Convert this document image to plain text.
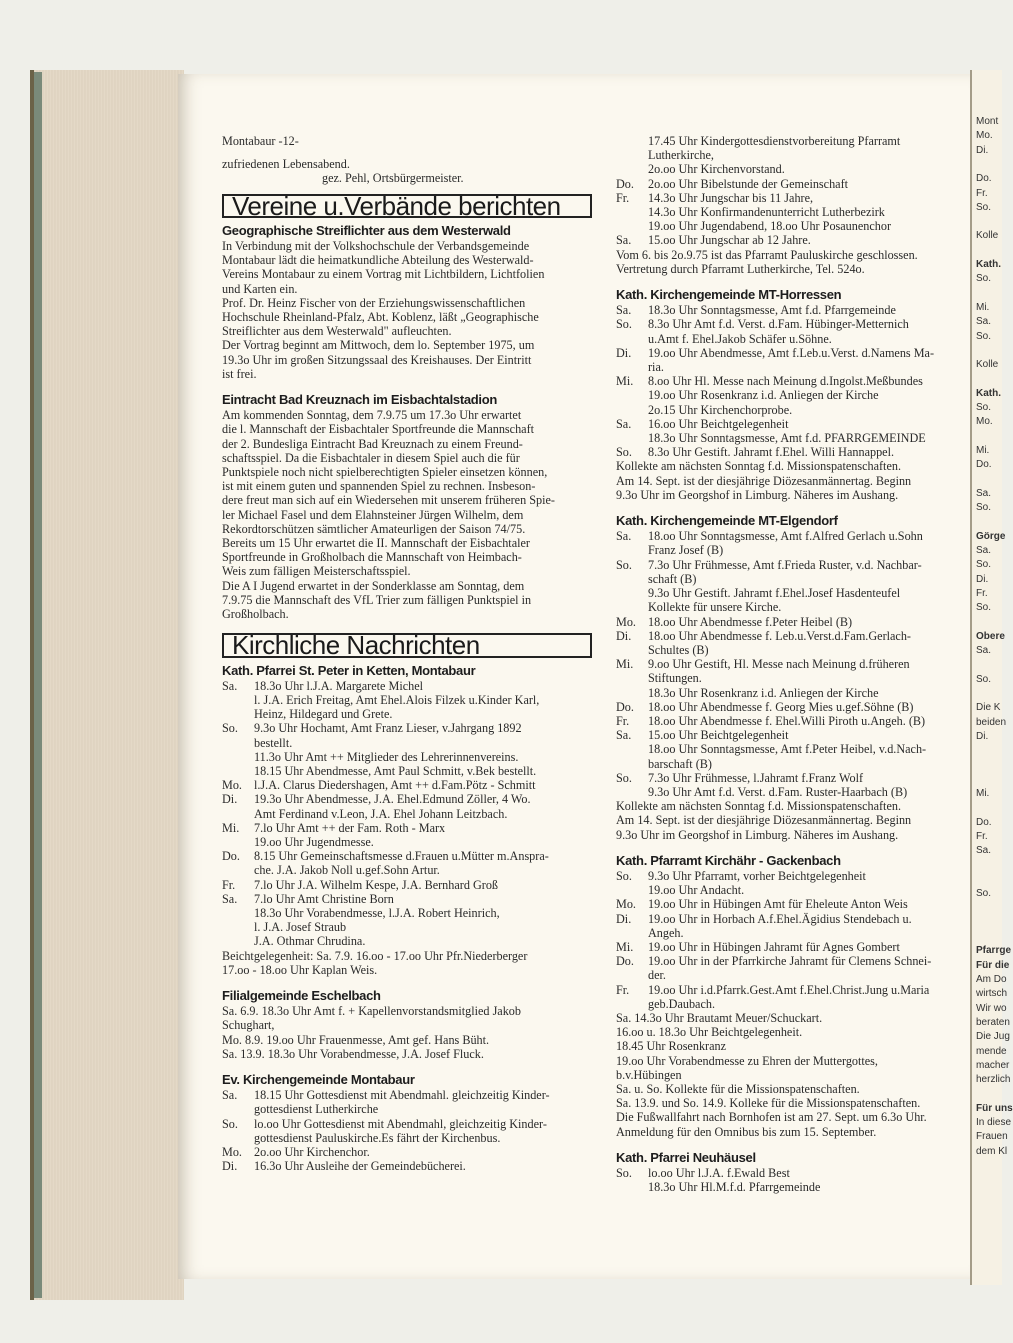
Mont
Mo.
Di.
Do.
Fr.
So.
Kolle
Kath.
So.
Mi.
Sa.
So.
Kolle
Kath.
So.
Mo.
Mi.
Do.
Sa.
So.
Görge
Sa.
So.
Di.
Fr.
So.
Obere
Sa.
So.
Die K
beiden
Di.
Mi.
Do.
Fr.
Sa.
So.
Pfarrge
Für die
Am Do
wirtsch
Wir wo
beraten
Die Jug
mende
macher
herzlich
Für uns
In diese
Frauen
dem Kl
Montabaur -12-
zufriedenen Lebensabend.
gez. Pehl, Ortsbürgermeister.
Vereine u.Verbände berichten
Geographische Streiflichter aus dem Westerwald
In Verbindung mit der Volkshochschule der Verbandsgemeinde
Montabaur lädt die heimatkundliche Abteilung des Westerwald-
Vereins Montabaur zu einem Vortrag mit Lichtbildern, Lichtfolien
und Karten ein.
Prof. Dr. Heinz Fischer von der Erziehungswissenschaftlichen
Hochschule Rheinland-Pfalz, Abt. Koblenz, läßt „Geographische
Streiflichter aus dem Westerwald" aufleuchten.
Der Vortrag beginnt am Mittwoch, dem lo. September 1975, um
19.3o Uhr im großen Sitzungssaal des Kreishauses. Der Eintritt
ist frei.
Eintracht Bad Kreuznach im Eisbachtalstadion
Am kommenden Sonntag, dem 7.9.75 um 17.3o Uhr erwartet
die l. Mannschaft der Eisbachtaler Sportfreunde die Mannschaft
der 2. Bundesliga Eintracht Bad Kreuznach zu einem Freund-
schaftsspiel. Da die Eisbachtaler in diesem Spiel auch die für
Punktspiele noch nicht spielberechtigten Spieler einsetzen können,
ist mit einem guten und spannenden Spiel zu rechnen. Insbeson-
dere freut man sich auf ein Wiedersehen mit unserem früheren Spie-
ler Michael Fasel und dem Elahnsteiner Jürgen Wilhelm, dem
Rekordtorschützen sämtlicher Amateurligen der Saison 74/75.
Bereits um 15 Uhr erwartet die II. Mannschaft der Eisbachtaler
Sportfreunde in Großholbach die Mannschaft von Heimbach-
Weis zum fälligen Meisterschaftsspiel.
Die A I Jugend erwartet in der Sonderklasse am Sonntag, dem
7.9.75 die Mannschaft des VfL Trier zum fälligen Punktspiel in
Großholbach.
Kirchliche Nachrichten
Kath. Pfarrei St. Peter in Ketten, Montabaur
Sa.	18.3o Uhr l.J.A. Margarete Michel
l. J.A. Erich Freitag, Amt Ehel.Alois Filzek u.Kinder Karl,
Heinz, Hildegard und Grete.
So.	9.3o Uhr Hochamt, Amt Franz Lieser, v.Jahrgang 1892
bestellt.
11.3o Uhr Amt ++ Mitglieder des Lehrerinnenvereins.
18.15 Uhr Abendmesse, Amt Paul Schmitt, v.Bek bestellt.
Mo. l.J.A. Clarus Diedershagen, Amt ++ d.Fam.Pötz - Schmitt
Di.	19.3o Uhr Abendmesse, J.A. Ehel.Edmund Zöller, 4 Wo.
Amt Ferdinand v.Leon, J.A. Ehel Johann Leitzbach.
Mi.	7.lo Uhr Amt ++ der Fam. Roth - Marx
19.oo Uhr Jugendmesse.
Do.	8.15 Uhr Gemeinschaftsmesse d.Frauen u.Mütter m.Anspra-
che. J.A. Jakob Noll u.gef.Sohn Artur.
Fr.	7.lo Uhr J.A. Wilhelm Kespe, J.A. Bernhard Groß
Sa.	7.lo Uhr Amt Christine Born
18.3o Uhr Vorabendmesse, l.J.A. Robert Heinrich,
l. J.A. Josef Straub
J.A. Othmar Chrudina.
Beichtgelegenheit: Sa. 7.9. 16.oo - 17.oo Uhr Pfr.Niederberger
17.oo - 18.oo Uhr Kaplan Weis.
Filialgemeinde Eschelbach
Sa. 6.9. 18.3o Uhr Amt f. + Kapellenvorstandsmitglied Jakob
Schughart,
Mo. 8.9. 19.oo Uhr Frauenmesse, Amt gef. Hans Büht.
Sa. 13.9. 18.3o Uhr Vorabendmesse, J.A. Josef Fluck.
Ev. Kirchengemeinde Montabaur
Sa.	18.15 Uhr Gottesdienst mit Abendmahl. gleichzeitig Kinder-
gottesdienst Lutherkirche
So.	lo.oo Uhr Gottesdienst mit Abendmahl, gleichzeitig Kinder-
gottesdienst Pauluskirche.Es fährt der Kirchenbus.
Mo. 2o.oo Uhr Kirchenchor.
Di.	16.3o Uhr Ausleihe der Gemeindebücherei.
17.45 Uhr Kindergottesdienstvorbereitung Pfarramt
Lutherkirche,
2o.oo Uhr Kirchenvorstand.
Do.	2o.oo Uhr Bibelstunde der Gemeinschaft
Fr.	14.3o Uhr Jungschar bis 11 Jahre,
14.3o Uhr Konfirmandenunterricht Lutherbezirk
19.oo Uhr Jugendabend, 18.oo Uhr Posaunenchor
Sa.	15.oo Uhr Jungschar ab 12 Jahre.
Vom 6. bis 2o.9.75 ist das Pfarramt Pauluskirche geschlossen.
Vertretung durch Pfarramt Lutherkirche, Tel. 524o.
Kath. Kirchengemeinde MT-Horressen
Sa.	18.3o Uhr Sonntagsmesse, Amt f.d. Pfarrgemeinde
So.	8.3o Uhr Amt f.d. Verst. d.Fam. Hübinger-Metternich
u.Amt f. Ehel.Jakob Schäfer u.Söhne.
Di.	19.oo Uhr Abendmesse, Amt f.Leb.u.Verst. d.Namens Ma-
ria.
Mi.	8.oo Uhr Hl. Messe nach Meinung d.Ingolst.Meßbundes
19.oo Uhr Rosenkranz i.d. Anliegen der Kirche
2o.15 Uhr Kirchenchorprobe.
Sa.	16.oo Uhr Beichtgelegenheit
18.3o Uhr Sonntagsmesse, Amt f.d. PFARRGEMEINDE
So.	8.3o Uhr Gestift. Jahramt f.Ehel. Willi Hannappel.
Kollekte am nächsten Sonntag f.d. Missionspatenschaften.
Am 14. Sept. ist der diesjährige Diözesanmännertag. Beginn
9.3o Uhr im Georgshof in Limburg. Näheres im Aushang.
Kath. Kirchengemeinde MT-Elgendorf
Sa.	18.oo Uhr Sonntagsmesse, Amt f.Alfred Gerlach u.Sohn
Franz Josef (B)
So.	7.3o Uhr Frühmesse, Amt f.Frieda Ruster, v.d. Nachbar-
schaft (B)
9.3o Uhr Gestift. Jahramt f.Ehel.Josef Hasdenteufel
Kollekte für unsere Kirche.
Mo. 18.oo Uhr Abendmesse f.Peter Heibel (B)
Di.	18.oo Uhr Abendmesse f. Leb.u.Verst.d.Fam.Gerlach-
Schultes (B)
Mi.	9.oo Uhr Gestift, Hl. Messe nach Meinung d.früheren
Stiftungen.
18.3o Uhr Rosenkranz i.d. Anliegen der Kirche
Do.	18.oo Uhr Abendmesse f. Georg Mies u.gef.Söhne (B)
Fr.	18.oo Uhr Abendmesse f. Ehel.Willi Piroth u.Angeh. (B)
Sa.	15.oo Uhr Beichtgelegenheit
18.oo Uhr Sonntagsmesse, Amt f.Peter Heibel, v.d.Nach-
barschaft (B)
So.	7.3o Uhr Frühmesse, l.Jahramt f.Franz Wolf
9.3o Uhr Amt f.d. Verst. d.Fam. Ruster-Haarbach (B)
Kollekte am nächsten Sonntag f.d. Missionspatenschaften.
Am 14. Sept. ist der diesjährige Diözesanmännertag. Beginn
9.3o Uhr im Georgshof in Limburg. Näheres im Aushang.
Kath. Pfarramt Kirchähr - Gackenbach
So.	9.3o Uhr Pfarramt, vorher Beichtgelegenheit
19.oo Uhr Andacht.
Mo. 19.oo Uhr in Hübingen Amt für Eheleute Anton Weis
Di.	19.oo Uhr in Horbach A.f.Ehel.Ägidius Stendebach u.
Angeh.
Mi.	19.oo Uhr in Hübingen Jahramt für Agnes Gombert
Do.	19.oo Uhr in der Pfarrkirche Jahramt für Clemens Schnei-
der.
Fr.	19.oo Uhr i.d.Pfarrk.Gest.Amt f.Ehel.Christ.Jung u.Maria
geb.Daubach.
Sa. 14.3o Uhr Brautamt Meuer/Schuckart.
16.oo u. 18.3o Uhr Beichtgelegenheit.
18.45 Uhr Rosenkranz
19.oo Uhr Vorabendmesse zu Ehren der Muttergottes,
b.v.Hübingen
Sa. u. So. Kollekte für die Missionspatenschaften.
Sa. 13.9. und So. 14.9. Kolleke für die Missionspatenschaften.
Die Fußwallfahrt nach Bornhofen ist am 27. Sept. um 6.3o Uhr.
Anmeldung für den Omnibus bis zum 15. September.
Kath. Pfarrei Neuhäusel
So.	lo.oo Uhr l.J.A. f.Ewald Best
18.3o Uhr Hl.M.f.d. Pfarrgemeinde
